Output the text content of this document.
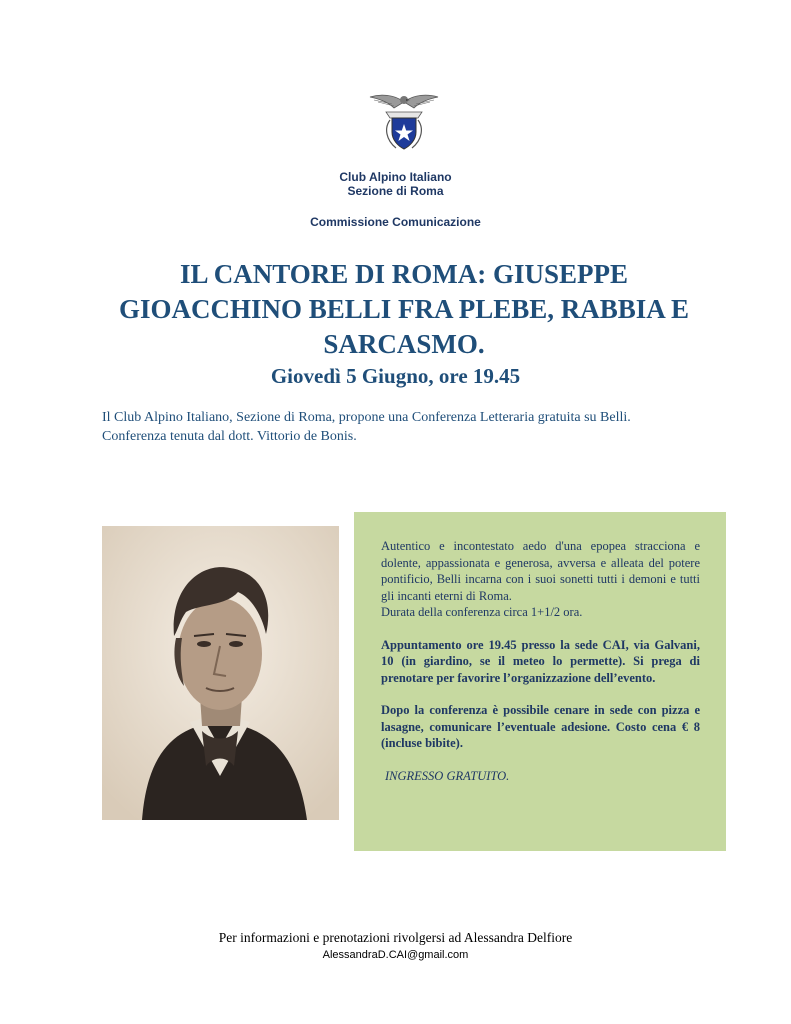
Club Alpino Italiano
Sezione di Roma
Commissione Comunicazione
IL CANTORE DI ROMA: GIUSEPPE GIOACCHINO BELLI FRA PLEBE, RABBIA E SARCASMO.
Giovedì 5 Giugno, ore 19.45

Il Club Alpino Italiano, Sezione di Roma, propone una Conferenza Letteraria gratuita su Belli.

Conferenza tenuta dal dott. Vittorio de Bonis.

Autentico e incontestato aedo d'una epopea stracciona e dolente, appassionata e generosa, avversa e alleata del potere pontificio, Belli incarna con i suoi sonetti tutti i demoni e tutti gli incanti eterni di Roma.

Durata della conferenza circa 1+1/2 ora.

Appuntamento ore 19.45 presso la sede CAI, via Galvani, 10 (in giardino, se il meteo lo permette). Si prega di prenotare per favorire l’organizzazione dell’evento.

Dopo la conferenza è possibile cenare in sede con pizza e lasagne, comunicare l’eventuale adesione. Costo cena € 8 (incluse bibite).

INGRESSO GRATUITO.

Per informazioni e prenotazioni rivolgersi ad Alessandra Delfiore
AlessandraD.CAI@gmail.com
